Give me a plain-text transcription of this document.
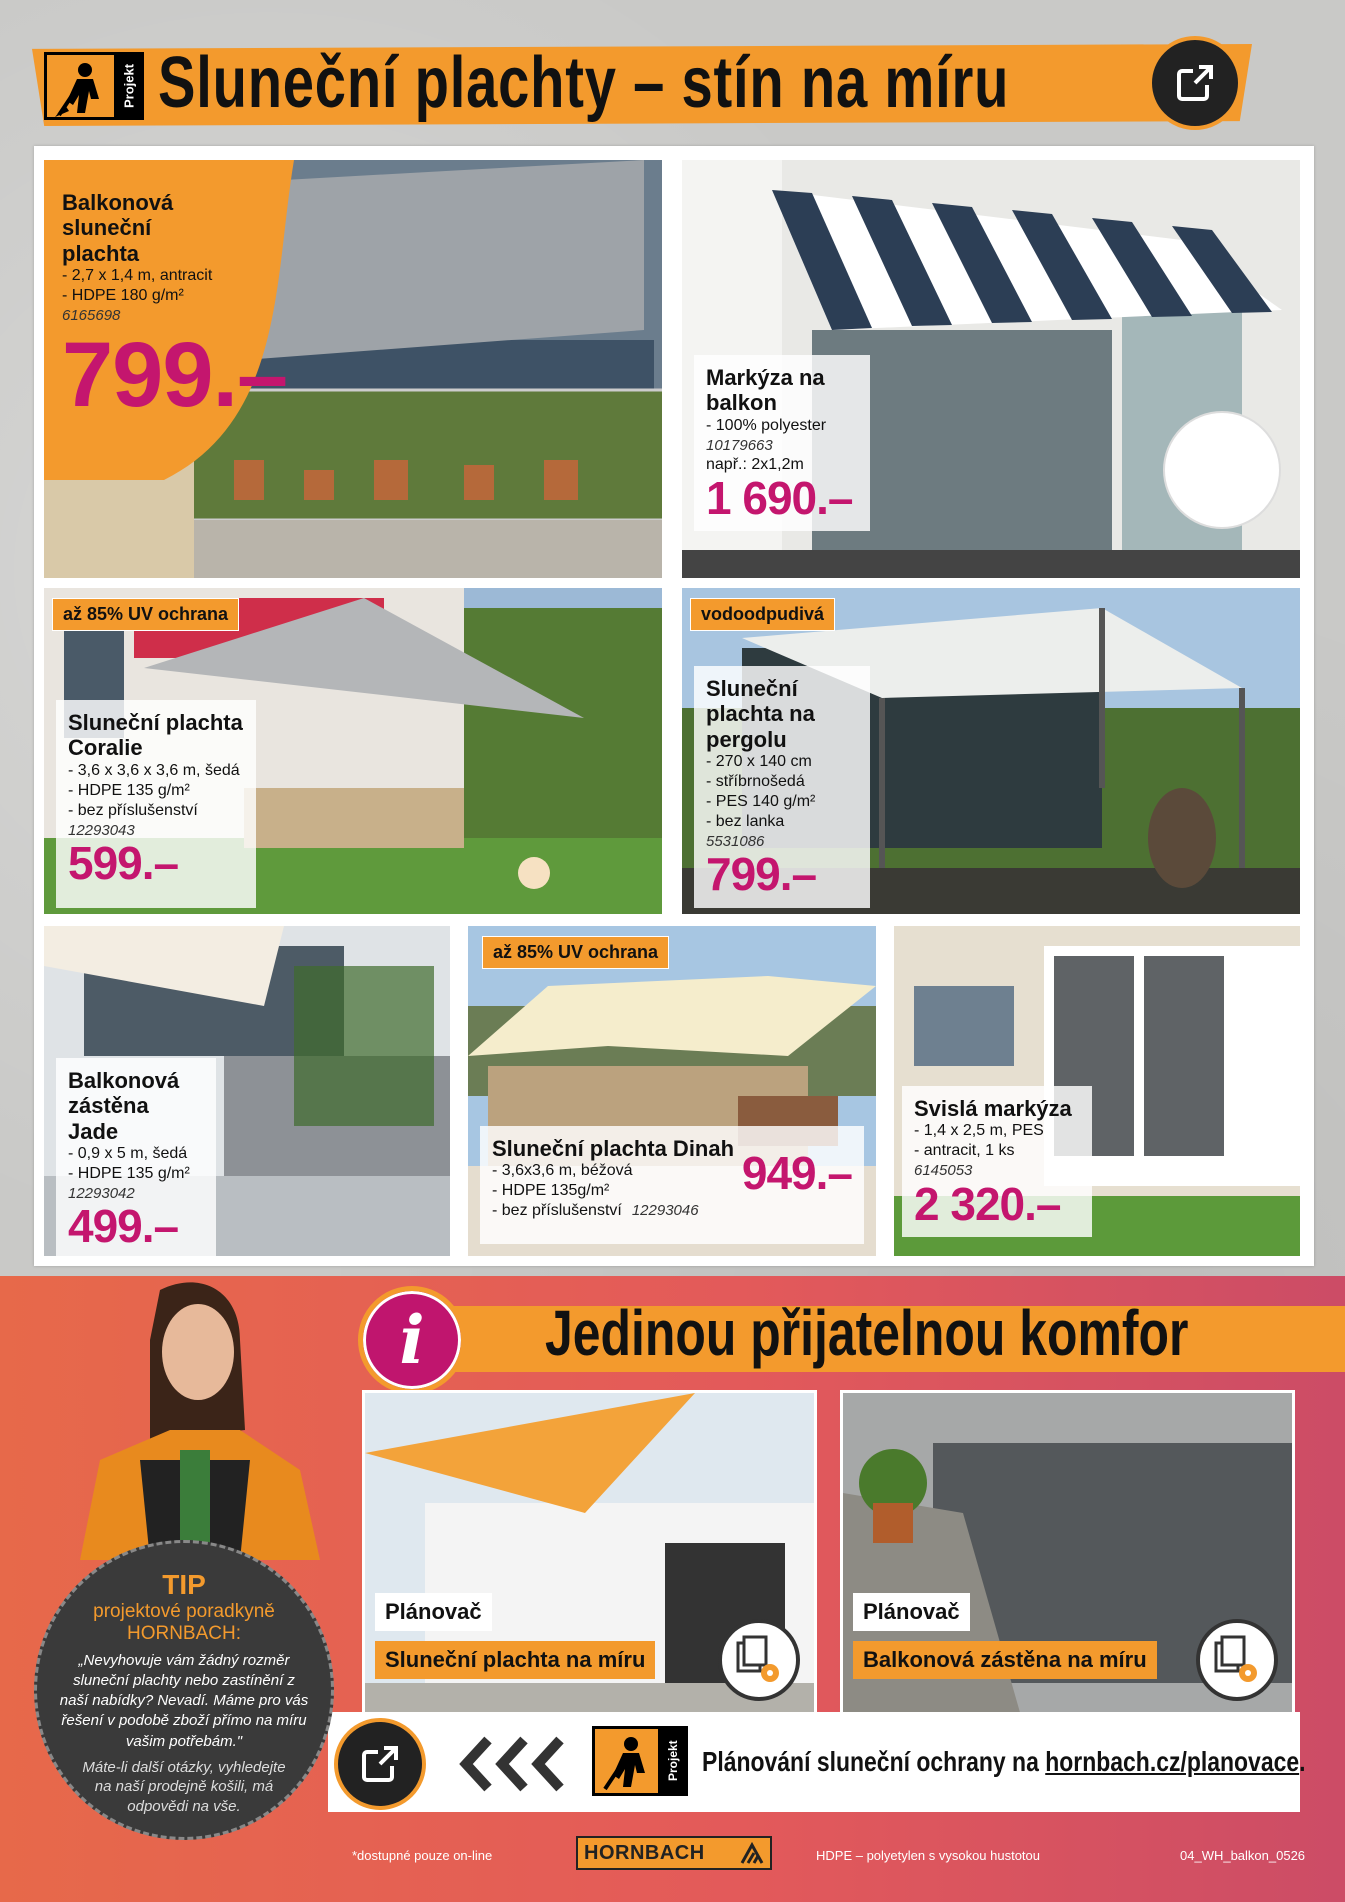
Projekt Sluneční plachty – stín na míru
Balkonová sluneční plachta
- 2,7 x 1,4 m, antracit
- HDPE 180 g/m²
6165698
799.–	Markýza na balkon
- 100% polyester
10179663
např.: 2x1,2m
1 690.–
až 85% UV ochrana
Sluneční plachta Coralie
- 3,6 x 3,6 x 3,6 m, šedá
- HDPE 135 g/m²
- bez příslušenství
12293043
599.–
vodoodpudivá
Sluneční plachta na pergolu
- 270 x 140 cm
- stříbrnošedá
- PES 140 g/m²
- bez lanka
5531086
799.–
Balkonová zástěna Jade
- 0,9 x 5 m, šedá
- HDPE 135 g/m²
12293042
499.–
až 85% UV ochrana
Sluneční plachta Dinah
- 3,6x3,6 m, béžová
- HDPE 135g/m²
- bez příslušenství 12293046
949.–
Svislá markýza
- 1,4 x 2,5 m, PES
- antracit, 1 ks
6145053
2 320.–
i Jedinou přijatelnou komfor
Plánovač
Sluneční plachta na míru
Plánovač
Balkonová zástěna na míru
Projekt Plánování sluneční ochrany na hornbach.cz/planovace.
TIP
projektové poradkyně HORNBACH:
„Nevyhovuje vám žádný rozměr sluneční plachty nebo zastínění z naší nabídky? Nevadí. Máme pro vás řešení v podobě zboží přímo na míru vašim potřebám."
Máte-li další otázky, vyhledejte na naší prodejně košili, má odpovědi na vše.
*dostupné pouze on-line	HORNBACH	HDPE – polyetylen s vysokou hustotou	04_WH_balkon_0526
